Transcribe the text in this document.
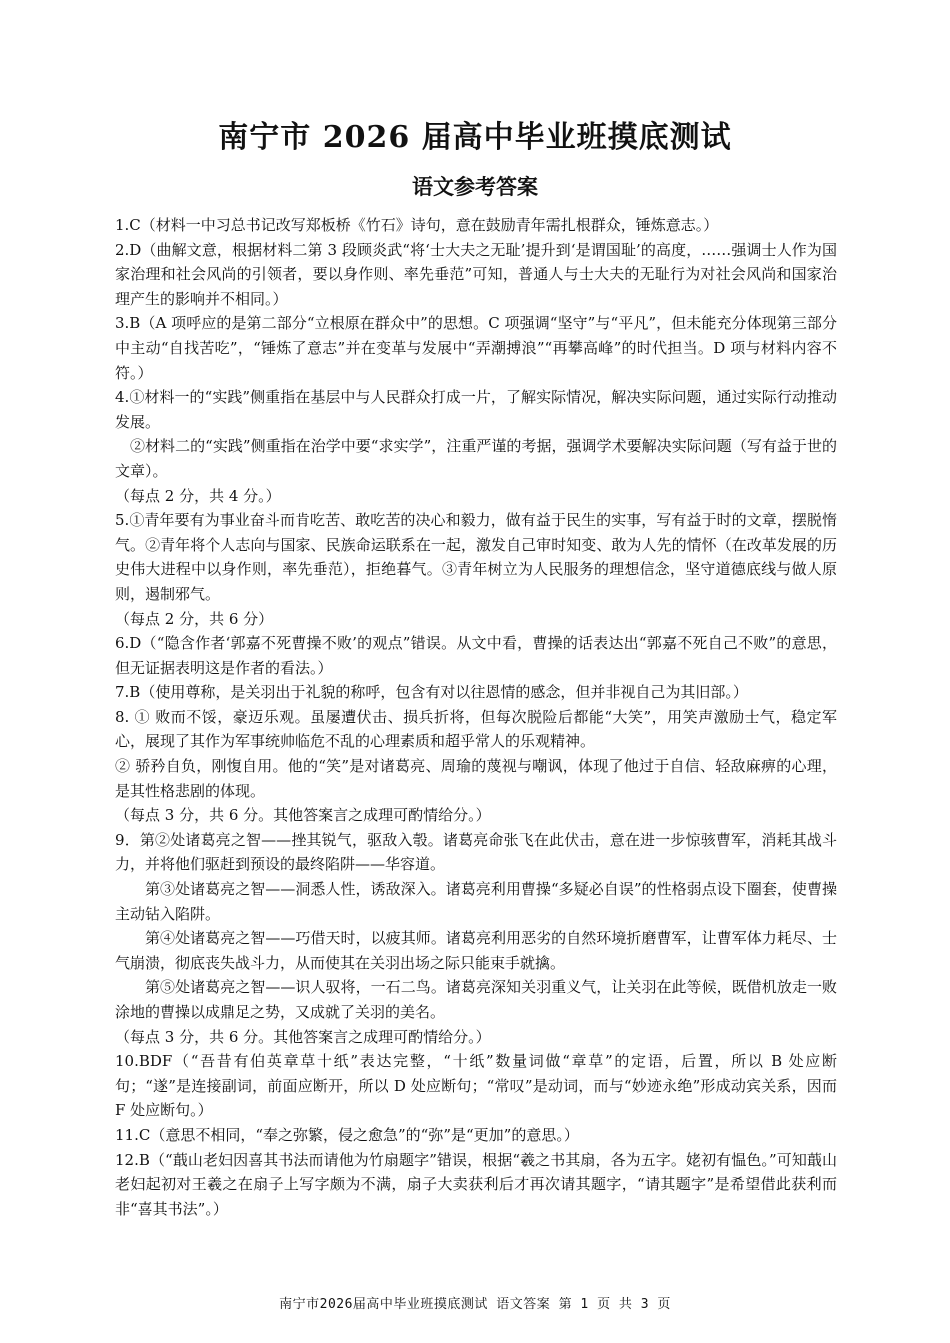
南宁市 2026 届高中毕业班摸底测试
语文参考答案

1.C（材料一中习总书记改写郑板桥《竹石》诗句，意在鼓励青年需扎根群众，锤炼意志。）

2.D（曲解文意，根据材料二第 3 段顾炎武“将‘士大夫之无耻’提升到‘是谓国耻’的高度，……强调士人作为国家治理和社会风尚的引领者，要以身作则、率先垂范”可知，普通人与士大夫的无耻行为对社会风尚和国家治理产生的影响并不相同。）

3.B（A 项呼应的是第二部分“立根原在群众中”的思想。C 项强调“坚守”与“平凡”，但未能充分体现第三部分中主动“自找苦吃”，“锤炼了意志”并在变革与发展中“弄潮搏浪”“再攀高峰”的时代担当。D 项与材料内容不符。）

4.①材料一的“实践”侧重指在基层中与人民群众打成一片，了解实际情况，解决实际问题，通过实际行动推动发展。

②材料二的“实践”侧重指在治学中要“求实学”，注重严谨的考据，强调学术要解决实际问题（写有益于世的文章）。

（每点 2 分，共 4 分。）

5.①青年要有为事业奋斗而肯吃苦、敢吃苦的决心和毅力，做有益于民生的实事，写有益于时的文章，摆脱惰气。②青年将个人志向与国家、民族命运联系在一起，激发自己审时知变、敢为人先的情怀（在改革发展的历史伟大进程中以身作则，率先垂范），拒绝暮气。③青年树立为人民服务的理想信念，坚守道德底线与做人原则，遏制邪气。

（每点 2 分，共 6 分）

6.D（“隐含作者‘郭嘉不死曹操不败’的观点”错误。从文中看，曹操的话表达出“郭嘉不死自己不败”的意思，但无证据表明这是作者的看法。）

7.B（使用尊称，是关羽出于礼貌的称呼，包含有对以往恩情的感念，但并非视自己为其旧部。）

8. ① 败而不馁，豪迈乐观。虽屡遭伏击、损兵折将，但每次脱险后都能“大笑”，用笑声激励士气，稳定军心，展现了其作为军事统帅临危不乱的心理素质和超乎常人的乐观精神。

② 骄矜自负，刚愎自用。他的“笑”是对诸葛亮、周瑜的蔑视与嘲讽，体现了他过于自信、轻敌麻痹的心理，是其性格悲剧的体现。

（每点 3 分，共 6 分。其他答案言之成理可酌情给分。）

9．第②处诸葛亮之智——挫其锐气，驱敌入彀。诸葛亮命张飞在此伏击，意在进一步惊骇曹军，消耗其战斗力，并将他们驱赶到预设的最终陷阱——华容道。

第③处诸葛亮之智——洞悉人性，诱敌深入。诸葛亮利用曹操“多疑必自误”的性格弱点设下圈套，使曹操主动钻入陷阱。

第④处诸葛亮之智——巧借天时，以疲其师。诸葛亮利用恶劣的自然环境折磨曹军，让曹军体力耗尽、士气崩溃，彻底丧失战斗力，从而使其在关羽出场之际只能束手就擒。

第⑤处诸葛亮之智——识人驭将，一石二鸟。诸葛亮深知关羽重义气，让关羽在此等候，既借机放走一败涂地的曹操以成鼎足之势，又成就了关羽的美名。

（每点 3 分，共 6 分。其他答案言之成理可酌情给分。）

10.BDF（“吾昔有伯英章草十纸”表达完整，“十纸”数量词做“章草”的定语，后置，所以 B 处应断句；“遂”是连接副词，前面应断开，所以 D 处应断句；“常叹”是动词，而与“妙迹永绝”形成动宾关系，因而 F 处应断句。）

11.C（意思不相同，“奉之弥繁，侵之愈急”的“弥”是“更加”的意思。）

12.B（“蕺山老妇因喜其书法而请他为竹扇题字”错误，根据“羲之书其扇，各为五字。姥初有愠色。”可知蕺山老妇起初对王羲之在扇子上写字颇为不满，扇子大卖获利后才再次请其题字，“请其题字”是希望借此获利而非“喜其书法”。）

南宁市2026届高中毕业班摸底测试 语文答案 第 1 页 共 3 页
